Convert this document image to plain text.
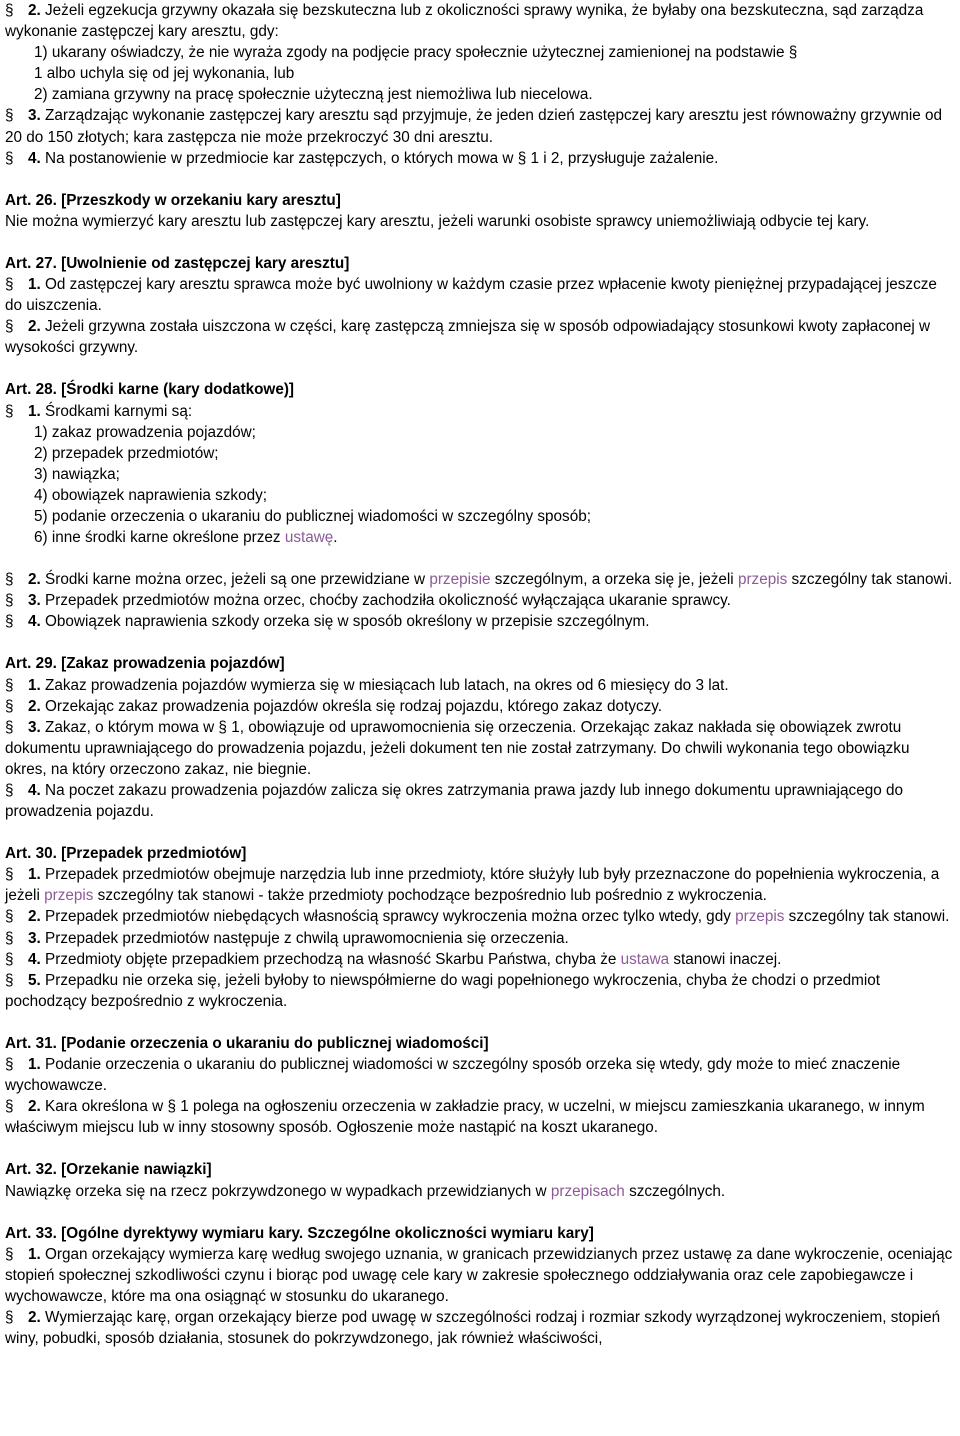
§ 2. Jeżeli egzekucja grzywny okazała się bezskuteczna lub z okoliczności sprawy wynika, że byłaby ona bezskuteczna, sąd zarządza wykonanie zastępczej kary aresztu, gdy:

1) ukarany oświadczy, że nie wyraża zgody na podjęcie pracy społecznie użytecznej zamienionej na podstawie §
1 albo uchyla się od jej wykonania, lub

2) zamiana grzywny na pracę społecznie użyteczną jest niemożliwa lub niecelowa.

§ 3. Zarządzając wykonanie zastępczej kary aresztu sąd przyjmuje, że jeden dzień zastępczej kary aresztu jest równoważny grzywnie od 20 do 150 złotych; kara zastępcza nie może przekroczyć 30 dni aresztu.

§ 4. Na postanowienie w przedmiocie kar zastępczych, o których mowa w § 1 i 2, przysługuje zażalenie.

Art. 26. [Przeszkody w orzekaniu kary aresztu]

Nie można wymierzyć kary aresztu lub zastępczej kary aresztu, jeżeli warunki osobiste sprawcy uniemożliwiają odbycie tej kary.

Art. 27. [Uwolnienie od zastępczej kary aresztu]

§ 1. Od zastępczej kary aresztu sprawca może być uwolniony w każdym czasie przez wpłacenie kwoty pieniężnej przypadającej jeszcze do uiszczenia.

§ 2. Jeżeli grzywna została uiszczona w części, karę zastępczą zmniejsza się w sposób odpowiadający stosunkowi kwoty zapłaconej w wysokości grzywny.

Art. 28. [Środki karne (kary dodatkowe)]

§ 1. Środkami karnymi są:

1) zakaz prowadzenia pojazdów;

2) przepadek przedmiotów;

3) nawiązka;

4) obowiązek naprawienia szkody;

5) podanie orzeczenia o ukaraniu do publicznej wiadomości w szczególny sposób;

6) inne środki karne określone przez ustawę.

§ 2. Środki karne można orzec, jeżeli są one przewidziane w przepisie szczególnym, a orzeka się je, jeżeli przepis szczególny tak stanowi.

§ 3. Przepadek przedmiotów można orzec, choćby zachodziła okoliczność wyłączająca ukaranie sprawcy.

§ 4. Obowiązek naprawienia szkody orzeka się w sposób określony w przepisie szczególnym.

Art. 29. [Zakaz prowadzenia pojazdów]

§ 1. Zakaz prowadzenia pojazdów wymierza się w miesiącach lub latach, na okres od 6 miesięcy do 3 lat.

§ 2. Orzekając zakaz prowadzenia pojazdów określa się rodzaj pojazdu, którego zakaz dotyczy.

§ 3. Zakaz, o którym mowa w § 1, obowiązuje od uprawomocnienia się orzeczenia. Orzekając zakaz nakłada się obowiązek zwrotu dokumentu uprawniającego do prowadzenia pojazdu, jeżeli dokument ten nie został zatrzymany. Do chwili wykonania tego obowiązku okres, na który orzeczono zakaz, nie biegnie.

§ 4. Na poczet zakazu prowadzenia pojazdów zalicza się okres zatrzymania prawa jazdy lub innego dokumentu uprawniającego do prowadzenia pojazdu.

Art. 30. [Przepadek przedmiotów]

§ 1. Przepadek przedmiotów obejmuje narzędzia lub inne przedmioty, które służyły lub były przeznaczone do popełnienia wykroczenia, a jeżeli przepis szczególny tak stanowi - także przedmioty pochodzące bezpośrednio lub pośrednio z wykroczenia.

§ 2. Przepadek przedmiotów niebędących własnością sprawcy wykroczenia można orzec tylko wtedy, gdy przepis szczególny tak stanowi.

§ 3. Przepadek przedmiotów następuje z chwilą uprawomocnienia się orzeczenia.

§ 4. Przedmioty objęte przepadkiem przechodzą na własność Skarbu Państwa, chyba że ustawa stanowi inaczej.

§ 5. Przepadku nie orzeka się, jeżeli byłoby to niewspółmierne do wagi popełnionego wykroczenia, chyba że chodzi o przedmiot pochodzący bezpośrednio z wykroczenia.

Art. 31. [Podanie orzeczenia o ukaraniu do publicznej wiadomości]

§ 1. Podanie orzeczenia o ukaraniu do publicznej wiadomości w szczególny sposób orzeka się wtedy, gdy może to mieć znaczenie wychowawcze.

§ 2. Kara określona w § 1 polega na ogłoszeniu orzeczenia w zakładzie pracy, w uczelni, w miejscu zamieszkania ukaranego, w innym właściwym miejscu lub w inny stosowny sposób. Ogłoszenie może nastąpić na koszt ukaranego.

Art. 32. [Orzekanie nawiązki]

Nawiązkę orzeka się na rzecz pokrzywdzonego w wypadkach przewidzianych w przepisach szczególnych.

Art. 33. [Ogólne dyrektywy wymiaru kary. Szczególne okoliczności wymiaru kary]

§ 1. Organ orzekający wymierza karę według swojego uznania, w granicach przewidzianych przez ustawę za dane wykroczenie, oceniając stopień społecznej szkodliwości czynu i biorąc pod uwagę cele kary w zakresie społecznego oddziaływania oraz cele zapobiegawcze i wychowawcze, które ma ona osiągnąć w stosunku do ukaranego.

§ 2. Wymierzając karę, organ orzekający bierze pod uwagę w szczególności rodzaj i rozmiar szkody wyrządzonej wykroczeniem, stopień winy, pobudki, sposób działania, stosunek do pokrzywdzonego, jak również właściwości,
